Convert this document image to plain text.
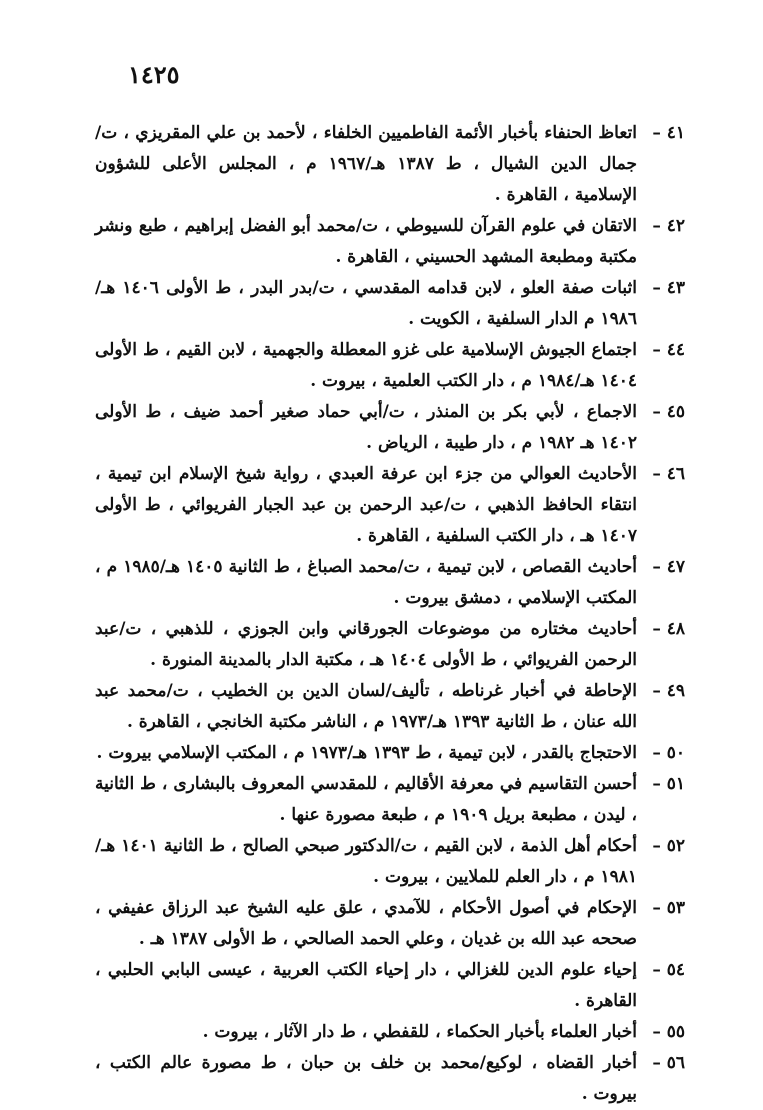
١٤٢٥

٤١ –
اتعاظ الحنفاء بأخبار الأئمة الفاطميين الخلفاء ، لأحمد بن علي المقريزي ، ت/جمال الدين الشيال ، ط ١٣٨٧ هـ/١٩٦٧ م ، المجلس الأعلى للشؤون الإسلامية ، القاهرة .

٤٢ –
الاتقان في علوم القرآن للسيوطي ، ت/محمد أبو الفضل إبراهيم ، طبع ونشر مكتبة ومطبعة المشهد الحسيني ، القاهرة .

٤٣ –
اثبات صفة العلو ، لابن قدامه المقدسي ، ت/بدر البدر ، ط الأولى ١٤٠٦ هـ/ ١٩٨٦ م الدار السلفية ، الكويت .

٤٤ –
اجتماع الجيوش الإسلامية على غزو المعطلة والجهمية ، لابن القيم ، ط الأولى ١٤٠٤ هـ/١٩٨٤ م ، دار الكتب العلمية ، بيروت .

٤٥ –
الاجماع ، لأبي بكر بن المنذر ، ت/أبي حماد صغير أحمد ضيف ، ط الأولى ١٤٠٢ هـ ١٩٨٢ م ، دار طيبة ، الرياض .

٤٦ –
الأحاديث العوالي من جزء ابن عرفة العبدي ، رواية شيخ الإسلام ابن تيمية ، انتقاء الحافظ الذهبي ، ت/عبد الرحمن بن عبد الجبار الفريوائي ، ط الأولى ١٤٠٧ هـ ، دار الكتب السلفية ، القاهرة .

٤٧ –
أحاديث القصاص ، لابن تيمية ، ت/محمد الصباغ ، ط الثانية ١٤٠٥ هـ/١٩٨٥ م ، المكتب الإسلامي ، دمشق بيروت .

٤٨ –
أحاديث مختاره من موضوعات الجورقاني وابن الجوزي ، للذهبي ، ت/عبد الرحمن الفريوائي ، ط الأولى ١٤٠٤ هـ ، مكتبة الدار بالمدينة المنورة .

٤٩ –
الإحاطة في أخبار غرناطه ، تأليف/لسان الدين بن الخطيب ، ت/محمد عبد الله عنان ، ط الثانية ١٣٩٣ هـ/١٩٧٣ م ، الناشر مكتبة الخانجي ، القاهرة .

٥٠ –
الاحتجاج بالقدر ، لابن تيمية ، ط ١٣٩٣ هـ/١٩٧٣ م ، المكتب الإسلامي بيروت .

٥١ –
أحسن التقاسيم في معرفة الأقاليم ، للمقدسي المعروف بالبشارى ، ط الثانية ، ليدن ، مطبعة بريل ١٩٠٩ م ، طبعة مصورة عنها .

٥٢ –
أحكام أهل الذمة ، لابن القيم ، ت/الدكتور صبحي الصالح ، ط الثانية ١٤٠١ هـ/ ١٩٨١ م ، دار العلم للملايين ، بيروت .

٥٣ –
الإحكام في أصول الأحكام ، للآمدي ، علق عليه الشيخ عبد الرزاق عفيفي ، صححه عبد الله بن غديان ، وعلي الحمد الصالحي ، ط الأولى ١٣٨٧ هـ .

٥٤ –
إحياء علوم الدين للغزالي ، دار إحياء الكتب العربية ، عيسى البابي الحلبي ، القاهرة .

٥٥ –
أخبار العلماء بأخبار الحكماء ، للقفطي ، ط دار الآثار ، بيروت .

٥٦ –
أخبار القضاه ، لوكيع/محمد بن خلف بن حبان ، ط مصورة عالم الكتب ، بيروت .
